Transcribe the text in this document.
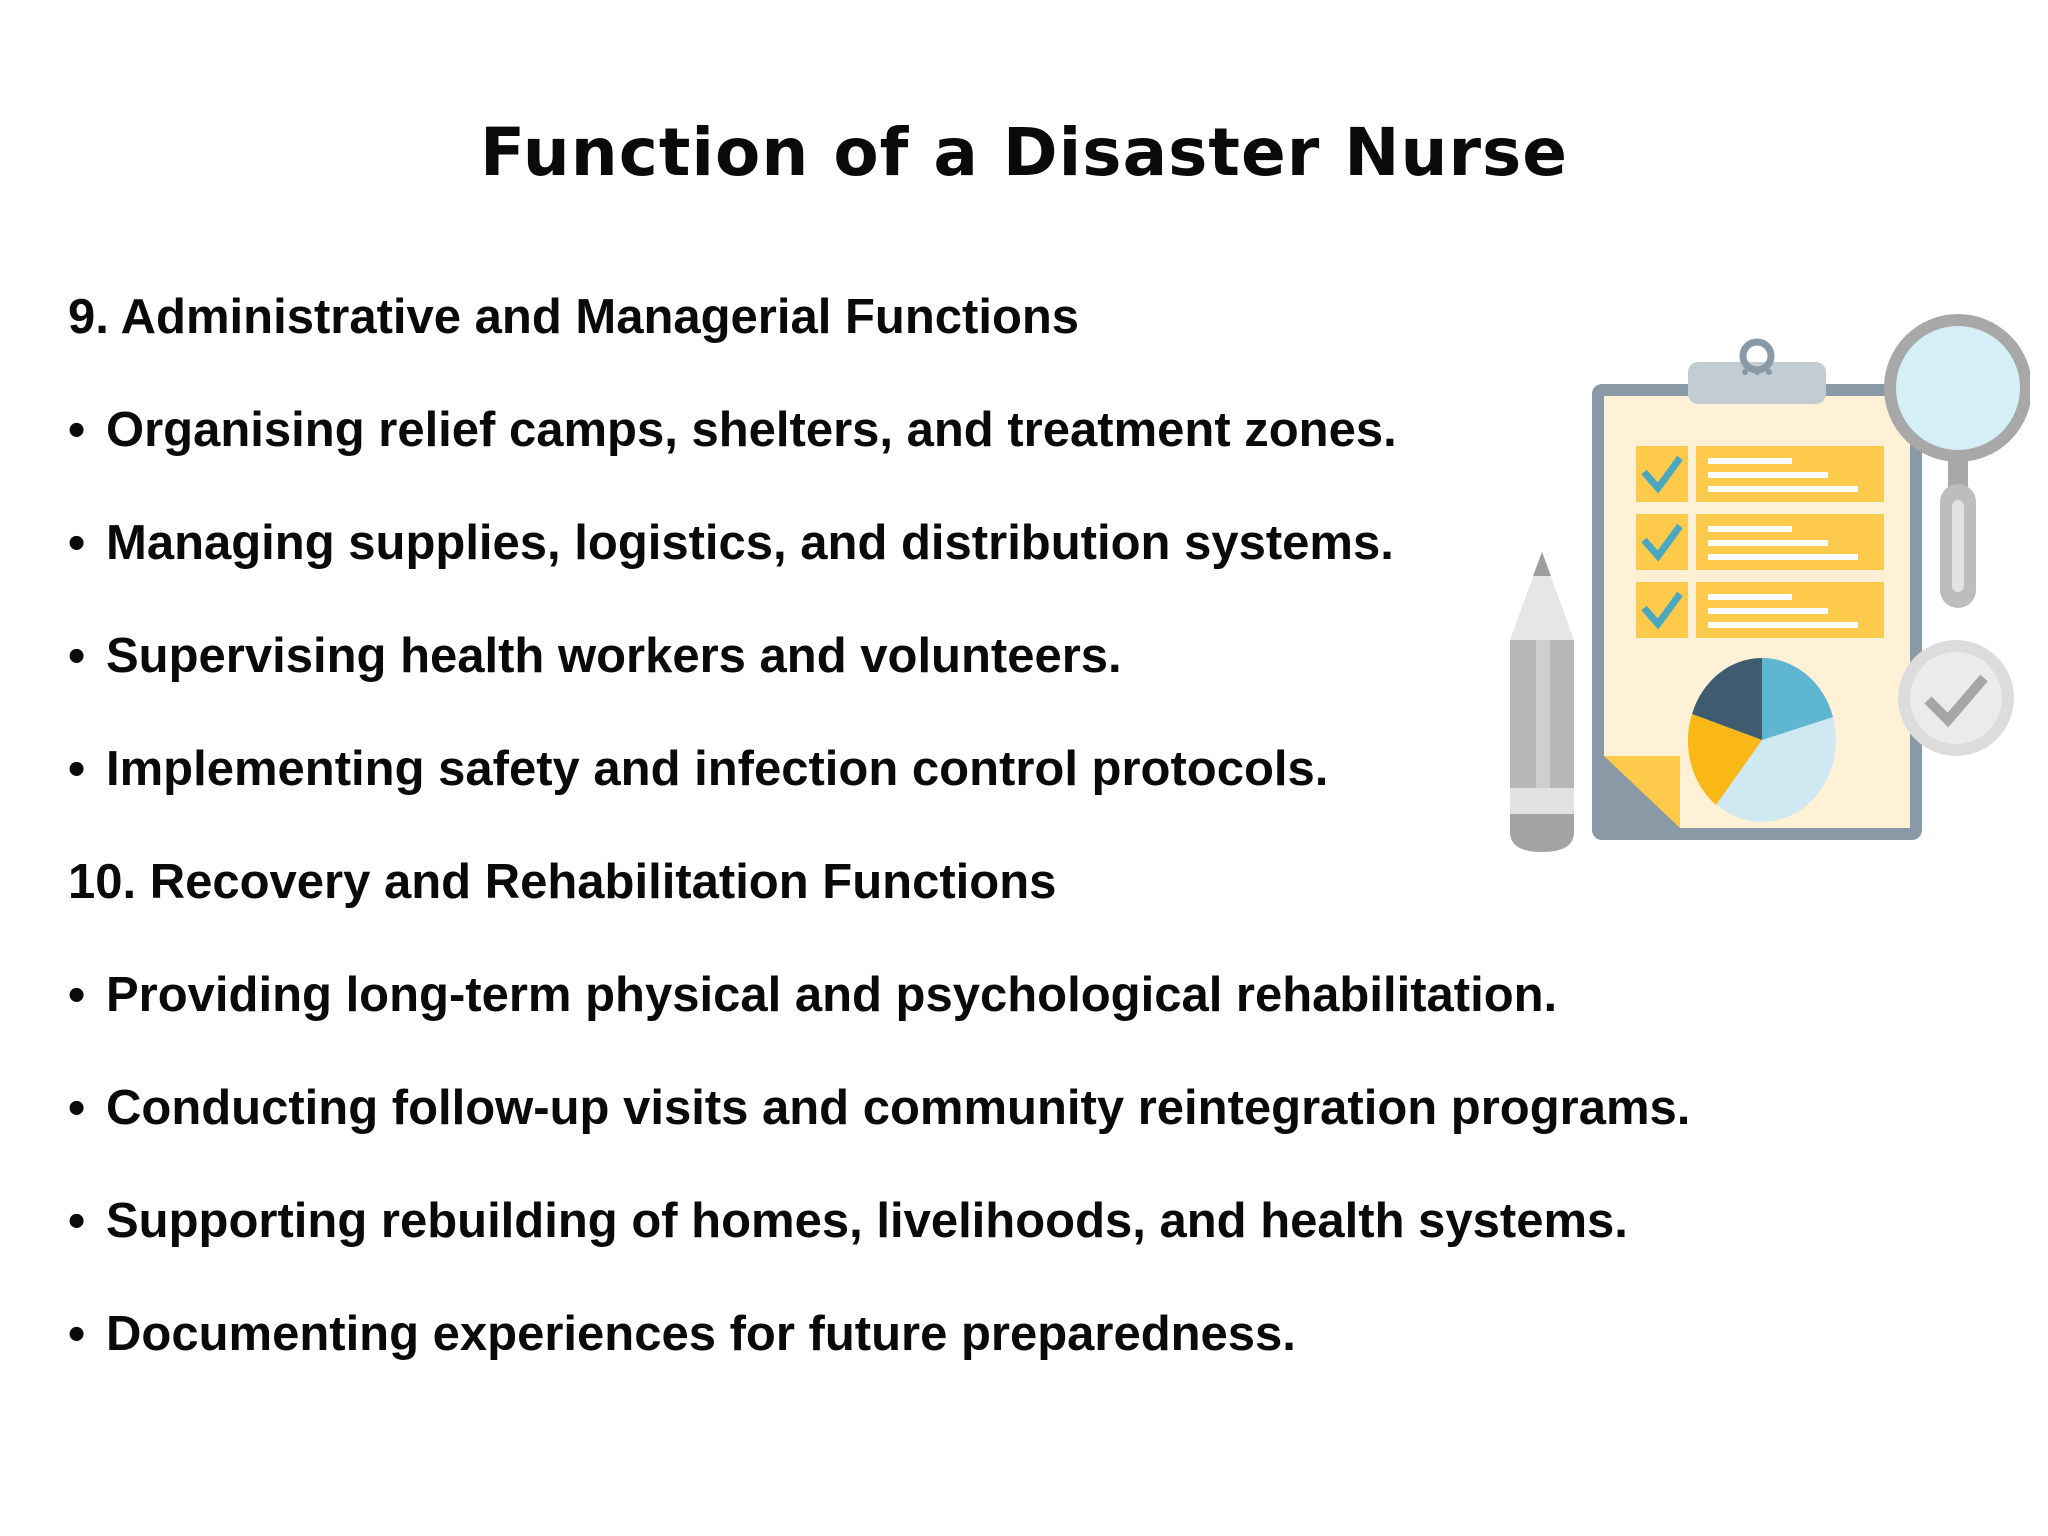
Function of a Disaster Nurse
9. Administrative and Managerial Functions
• Organising relief camps, shelters, and treatment zones.
• Managing supplies, logistics, and distribution systems.
• Supervising health workers and volunteers.
• Implementing safety and infection control protocols.
10. Recovery and Rehabilitation Functions
• Providing long-term physical and psychological rehabilitation.
• Conducting follow-up visits and community reintegration programs.
• Supporting rebuilding of homes, livelihoods, and health systems.
• Documenting experiences for future preparedness.
